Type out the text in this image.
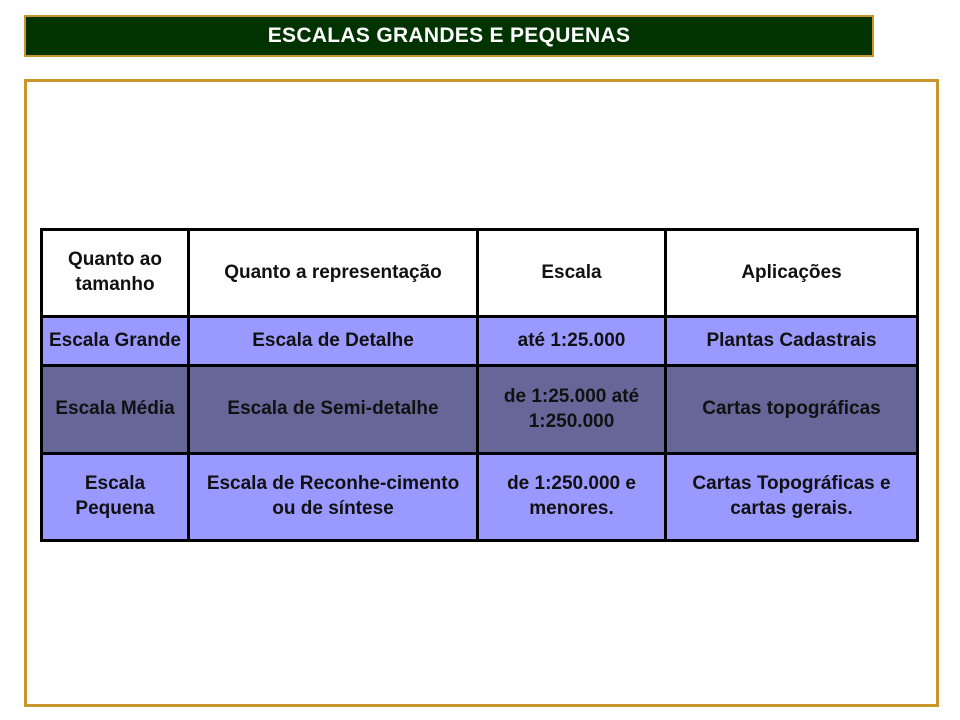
ESCALAS GRANDES E PEQUENAS
Quanto ao tamanho	Quanto a representação	Escala	Aplicações
Escala Grande	Escala de Detalhe	até 1:25.000	Plantas Cadastrais
Escala Média	Escala de Semi-detalhe	de 1:25.000 até 1:250.000	Cartas topográficas
Escala Pequena	Escala de Reconhe-cimento ou de síntese	de 1:250.000 e menores.	Cartas Topográficas e cartas gerais.
